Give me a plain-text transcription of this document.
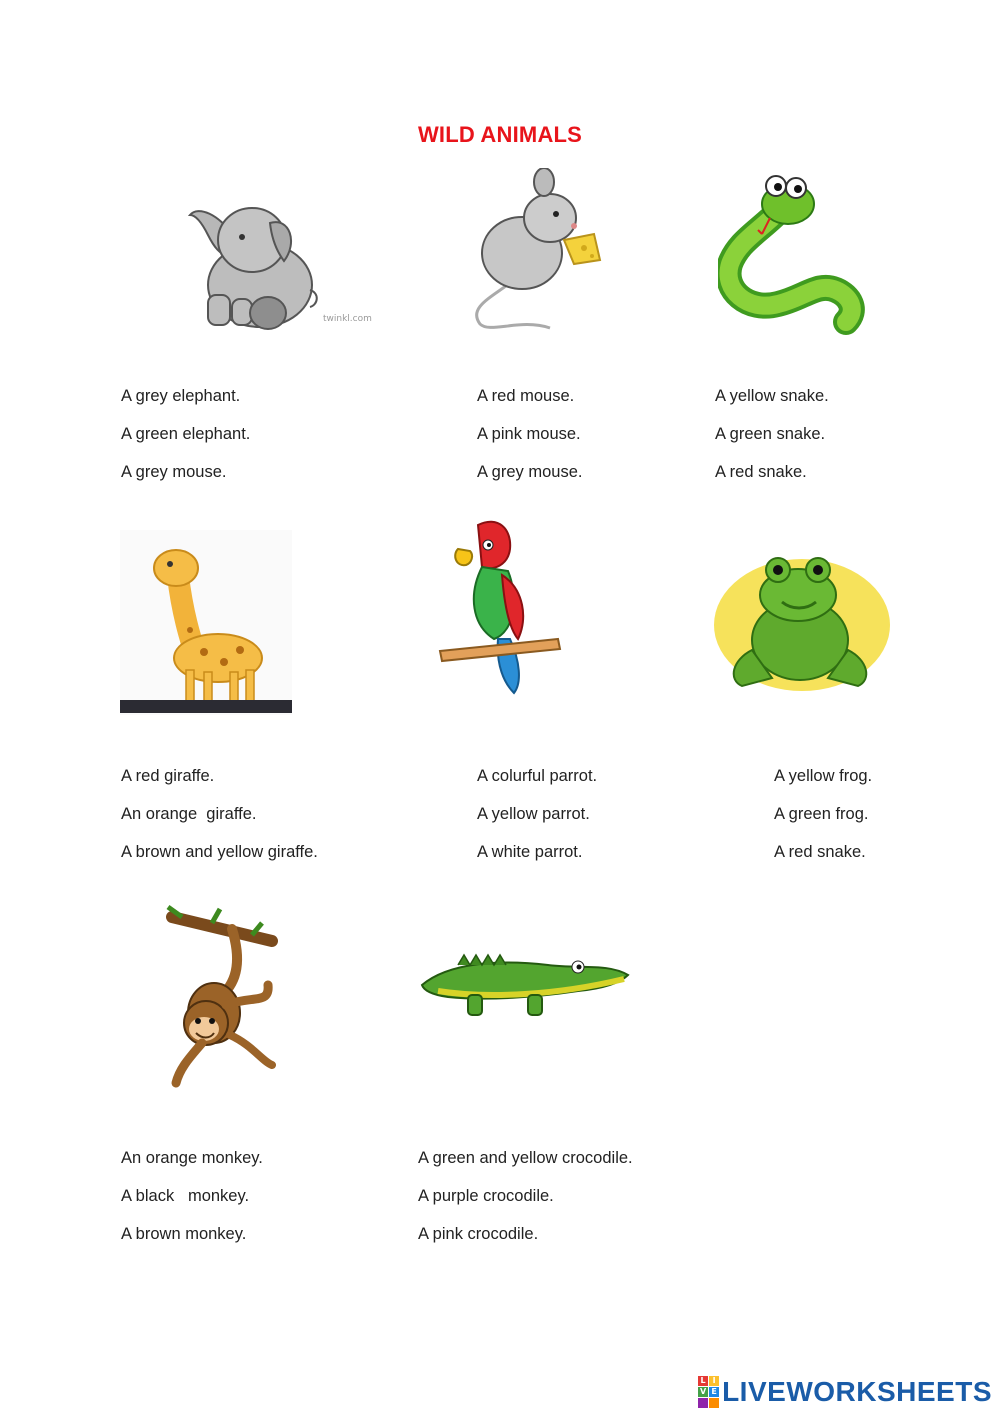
WILD ANIMALS
twinkl.com
A grey elephant.
A green elephant.
A grey mouse.
A red mouse.
A pink mouse.
A grey mouse.
A yellow snake.
A green snake.
A red snake.
A red giraffe.
An orange  giraffe.
A brown and yellow giraffe.
A colurful parrot.
A yellow parrot.
A white parrot.
A yellow frog.
A green frog.
A red snake.
An orange monkey.
A black   monkey.
A brown monkey.
A green and yellow crocodile.
A purple crocodile.
A pink crocodile.
L I
V E LIVEWORKSHEETS
